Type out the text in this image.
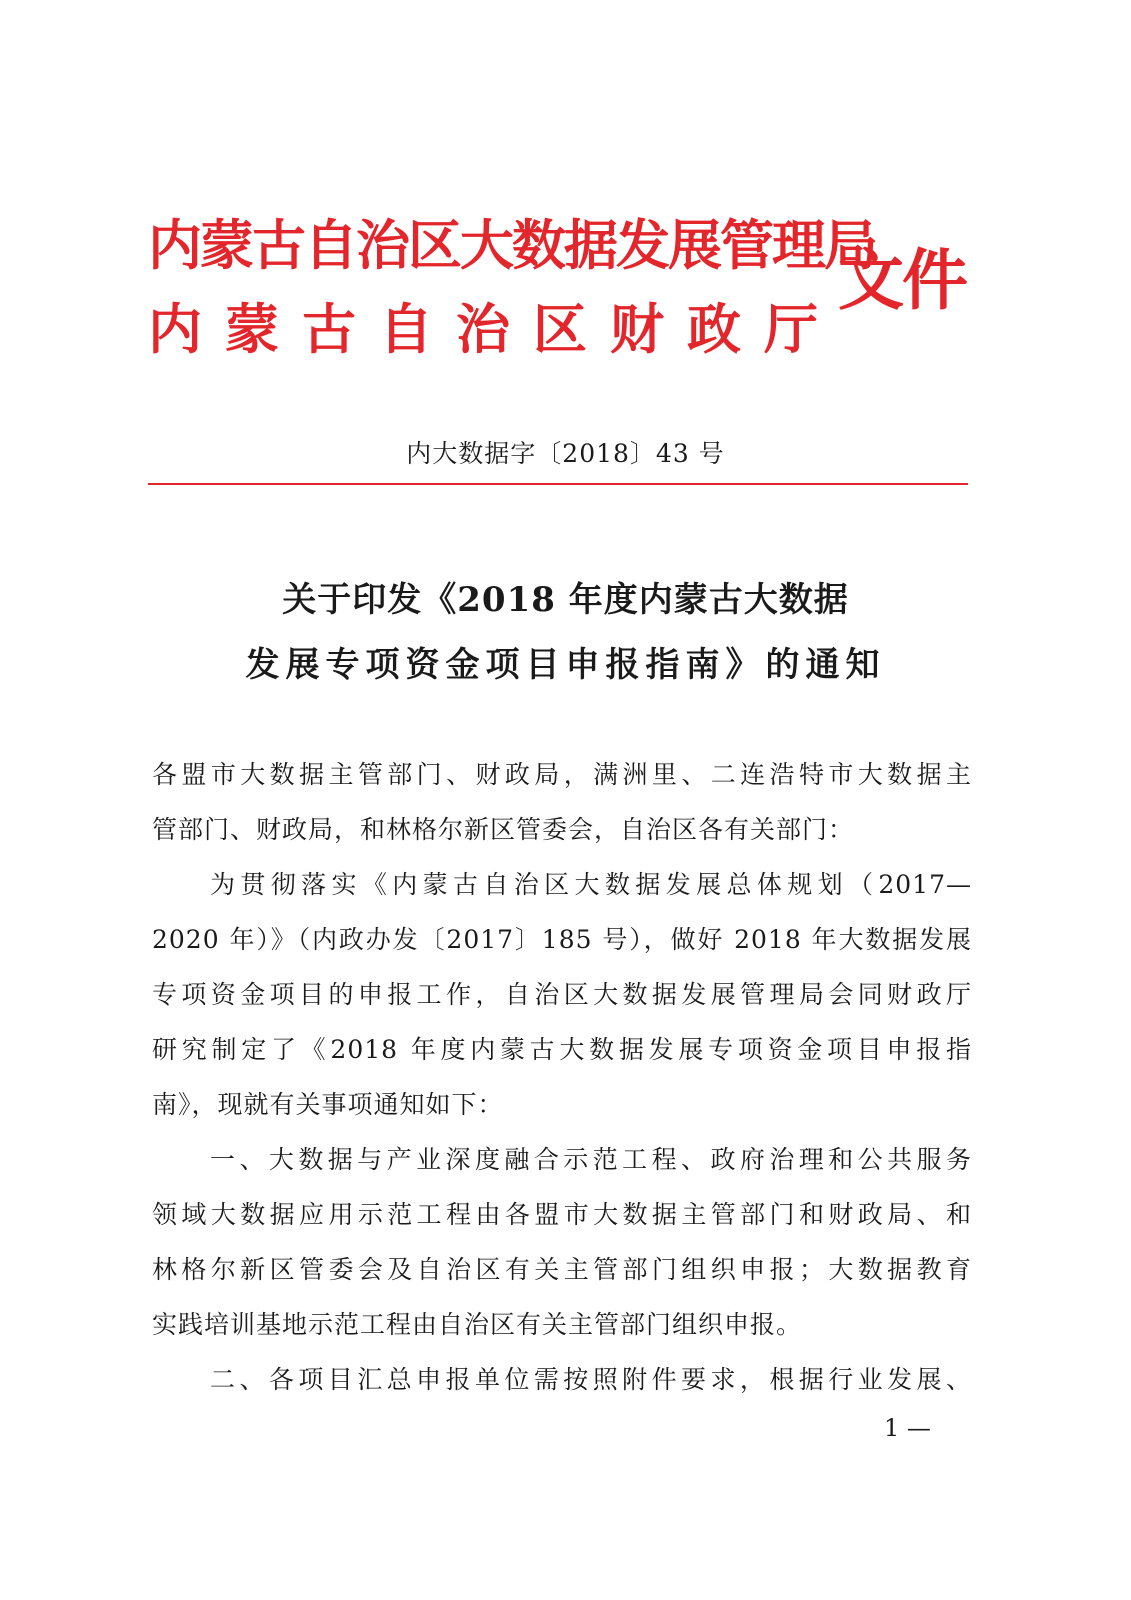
内蒙古自治区大数据发展管理局
内蒙古自治区财政厅
文件
内大数据字〔2018〕43 号
关于印发《2018 年度内蒙古大数据
发展专项资金项目申报指南》的通知
各盟市大数据主管部门、财政局，满洲里、二连浩特市大数据主
管部门、财政局，和林格尔新区管委会，自治区各有关部门：
为贯彻落实《内蒙古自治区大数据发展总体规划（2017—
2020 年）》（内政办发〔2017〕185 号），做好 2018 年大数据发展
专项资金项目的申报工作，自治区大数据发展管理局会同财政厅
研究制定了《2018 年度内蒙古大数据发展专项资金项目申报指
南》，现就有关事项通知如下：
一、大数据与产业深度融合示范工程、政府治理和公共服务
领域大数据应用示范工程由各盟市大数据主管部门和财政局、和
林格尔新区管委会及自治区有关主管部门组织申报；大数据教育
实践培训基地示范工程由自治区有关主管部门组织申报。
二、各项目汇总申报单位需按照附件要求，根据行业发展、
1 —
